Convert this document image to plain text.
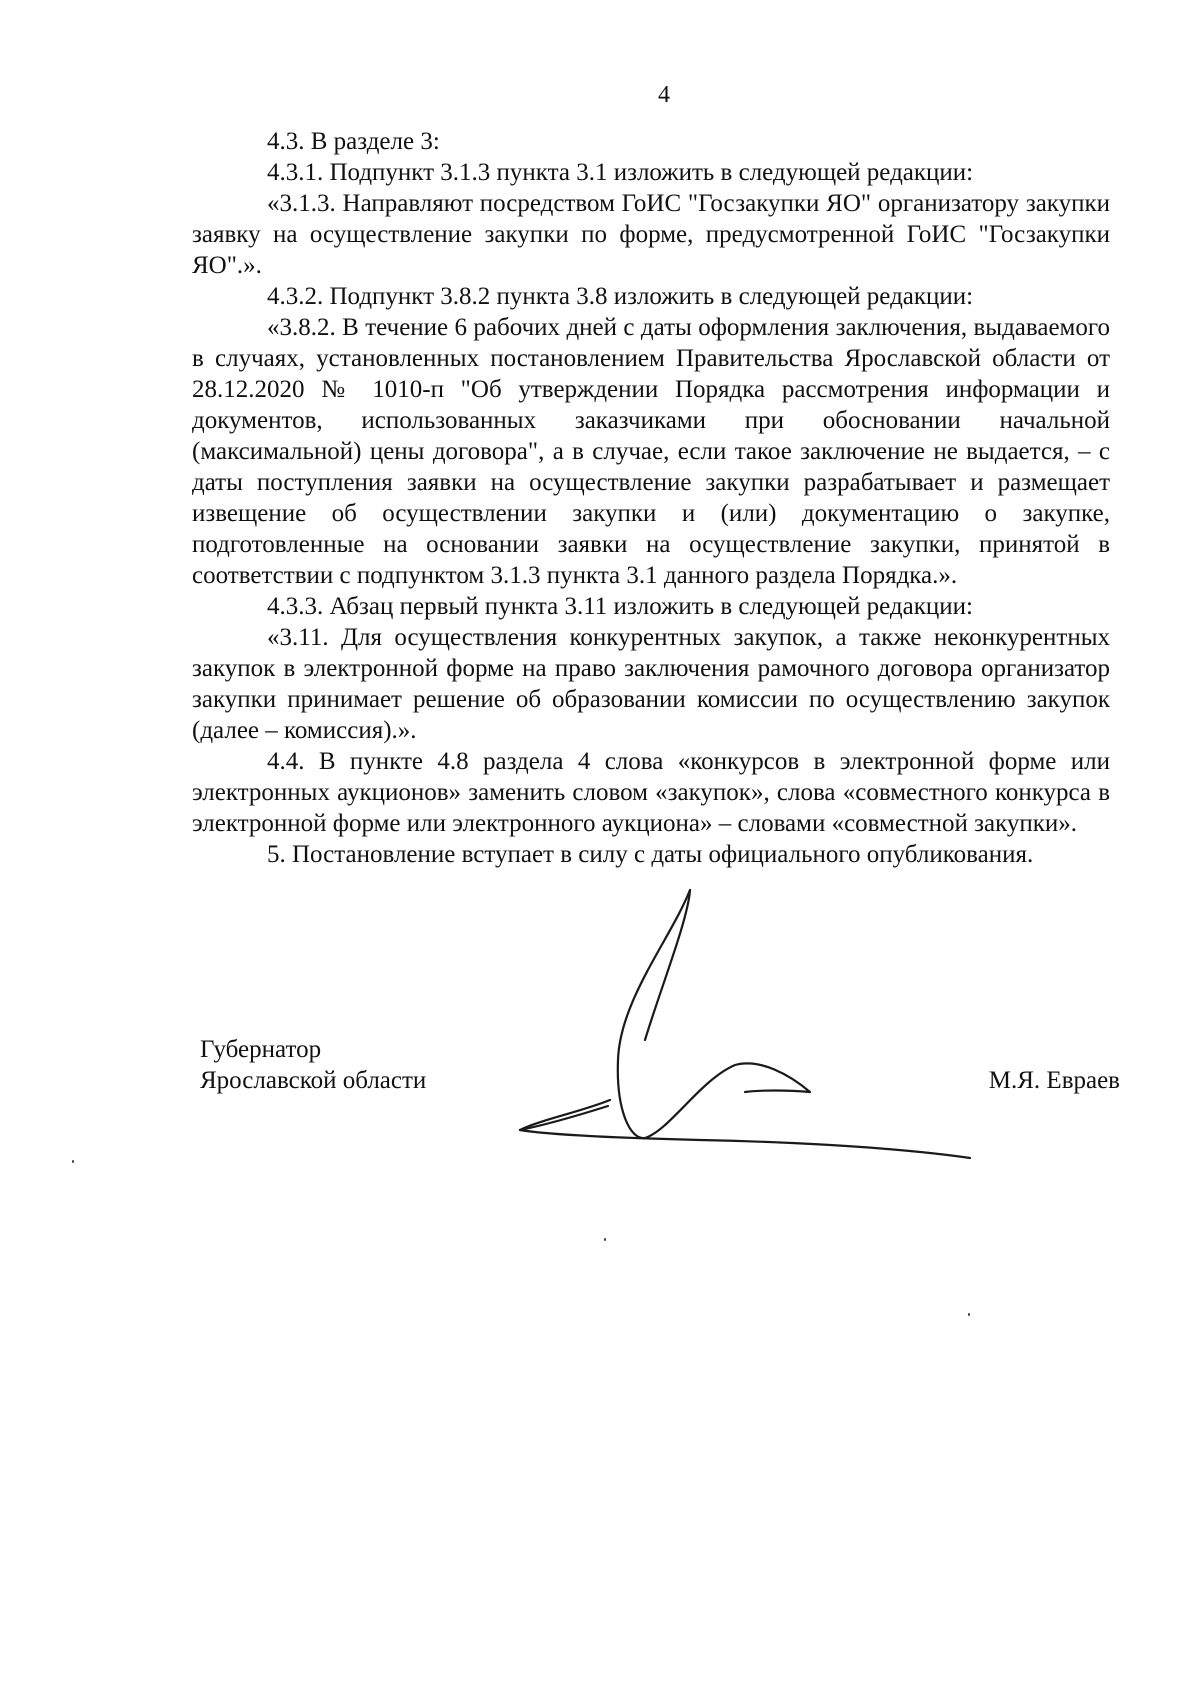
4

4.3. В разделе 3:

4.3.1. Подпункт 3.1.3 пункта 3.1 изложить в следующей редакции:

«3.1.3. Направляют посредством ГоИС "Госзакупки ЯО" организатору закупки заявку на осуществление закупки по форме, предусмотренной ГоИС "Госзакупки ЯО".».

4.3.2. Подпункт 3.8.2 пункта 3.8 изложить в следующей редакции:

«3.8.2. В течение 6 рабочих дней с даты оформления заключения, выдаваемого в случаях, установленных постановлением Правительства Ярославской области от 28.12.2020 № 1010-п "Об утверждении Порядка рассмотрения информации и документов, использованных заказчиками при обосновании начальной (максимальной) цены договора", а в случае, если такое заключение не выдается, – с даты поступления заявки на осуществление закупки разрабатывает и размещает извещение об осуществлении закупки и (или) документацию о закупке, подготовленные на основании заявки на осуществление закупки, принятой в соответствии с подпунктом 3.1.3 пункта 3.1 данного раздела Порядка.».

4.3.3. Абзац первый пункта 3.11 изложить в следующей редакции:

«3.11. Для осуществления конкурентных закупок, а также неконкурентных закупок в электронной форме на право заключения рамочного договора организатор закупки принимает решение об образовании комиссии по осуществлению закупок (далее – комиссия).».

4.4. В пункте 4.8 раздела 4 слова «конкурсов в электронной форме или электронных аукционов» заменить словом «закупок», слова «совместного конкурса в электронной форме или электронного аукциона» – словами «совместной закупки».

5. Постановление вступает в силу с даты официального опубликования.

Губернатор
Ярославской области	М.Я. Евраев
